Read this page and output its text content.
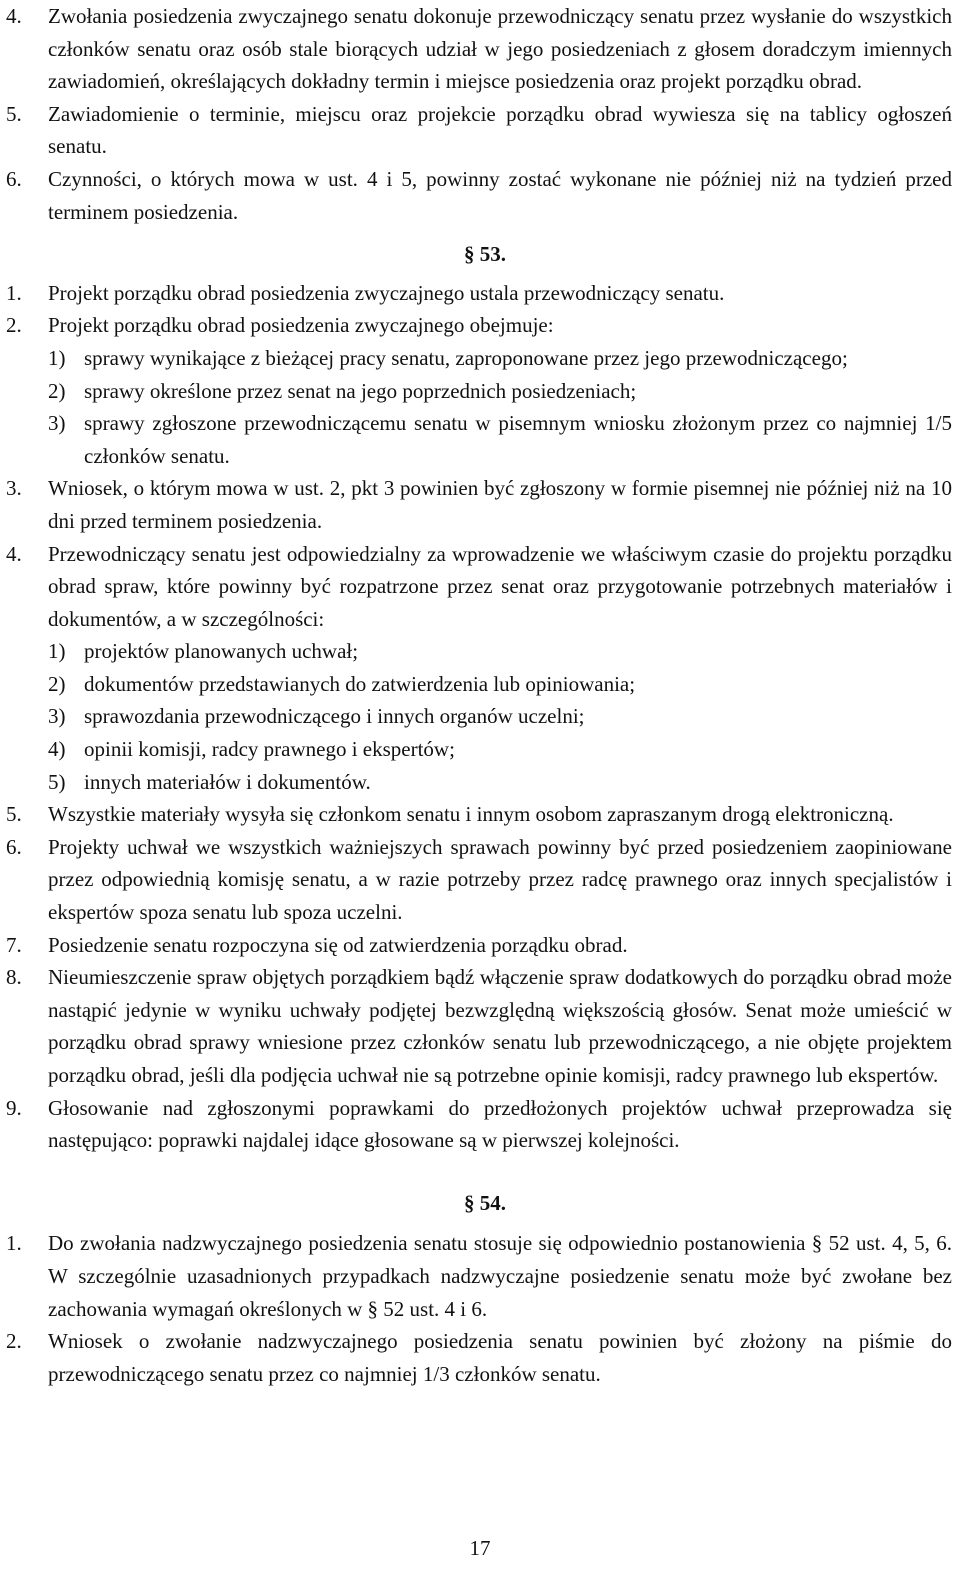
4.	Zwołania posiedzenia zwyczajnego senatu dokonuje przewodniczący senatu przez wysłanie do wszystkich członków senatu oraz osób stale biorących udział w jego posiedzeniach z głosem doradczym imiennych zawiadomień, określających dokładny termin i miejsce posiedzenia oraz projekt porządku obrad.
5.	Zawiadomienie o terminie, miejscu oraz projekcie porządku obrad wywiesza się na tablicy ogłoszeń senatu.
6.	Czynności, o których mowa w ust. 4 i 5, powinny zostać wykonane nie później niż na tydzień przed terminem posiedzenia.
§ 53.
1.	Projekt porządku obrad posiedzenia zwyczajnego ustala przewodniczący senatu.
2.	Projekt porządku obrad posiedzenia zwyczajnego obejmuje:
1) sprawy wynikające z bieżącej pracy senatu, zaproponowane przez jego przewodniczącego;
2) sprawy określone przez senat na jego poprzednich posiedzeniach;
3) sprawy zgłoszone przewodniczącemu senatu w pisemnym wniosku złożonym przez co najmniej 1/5 członków senatu.
3.	Wniosek, o którym mowa w ust. 2, pkt 3 powinien być zgłoszony w formie pisemnej nie później niż na 10 dni przed terminem posiedzenia.
4.	Przewodniczący senatu jest odpowiedzialny za wprowadzenie we właściwym czasie do projektu porządku obrad spraw, które powinny być rozpatrzone przez senat oraz przygotowanie potrzebnych materiałów i dokumentów, a w szczególności:
1) projektów planowanych uchwał;
2) dokumentów przedstawianych do zatwierdzenia lub opiniowania;
3) sprawozdania przewodniczącego i innych organów uczelni;
4) opinii komisji, radcy prawnego i ekspertów;
5) innych materiałów i dokumentów.
5.	Wszystkie materiały wysyła się członkom senatu i innym osobom zapraszanym drogą elektroniczną.
6.	Projekty uchwał we wszystkich ważniejszych sprawach powinny być przed posiedzeniem zaopiniowane przez odpowiednią komisję senatu, a w razie potrzeby przez radcę prawnego oraz innych specjalistów i ekspertów spoza senatu lub spoza uczelni.
7.	Posiedzenie senatu rozpoczyna się od zatwierdzenia porządku obrad.
8.	Nieumieszczenie spraw objętych porządkiem bądź włączenie spraw dodatkowych do porządku obrad może nastąpić jedynie w wyniku uchwały podjętej bezwzględną większością głosów. Senat może umieścić w porządku obrad sprawy wniesione przez członków senatu lub przewodniczącego, a nie objęte projektem porządku obrad, jeśli dla podjęcia uchwał nie są potrzebne opinie komisji, radcy prawnego lub ekspertów.
9.	Głosowanie nad zgłoszonymi poprawkami do przedłożonych projektów uchwał przeprowadza się następująco: poprawki najdalej idące głosowane są w pierwszej kolejności.
§ 54.
1.	Do zwołania nadzwyczajnego posiedzenia senatu stosuje się odpowiednio postanowienia § 52 ust. 4, 5, 6. W szczególnie uzasadnionych przypadkach nadzwyczajne posiedzenie senatu może być zwołane bez zachowania wymagań określonych w § 52 ust. 4 i 6.
2.	Wniosek o zwołanie nadzwyczajnego posiedzenia senatu powinien być złożony na piśmie do przewodniczącego senatu przez co najmniej 1/3 członków senatu.
17
